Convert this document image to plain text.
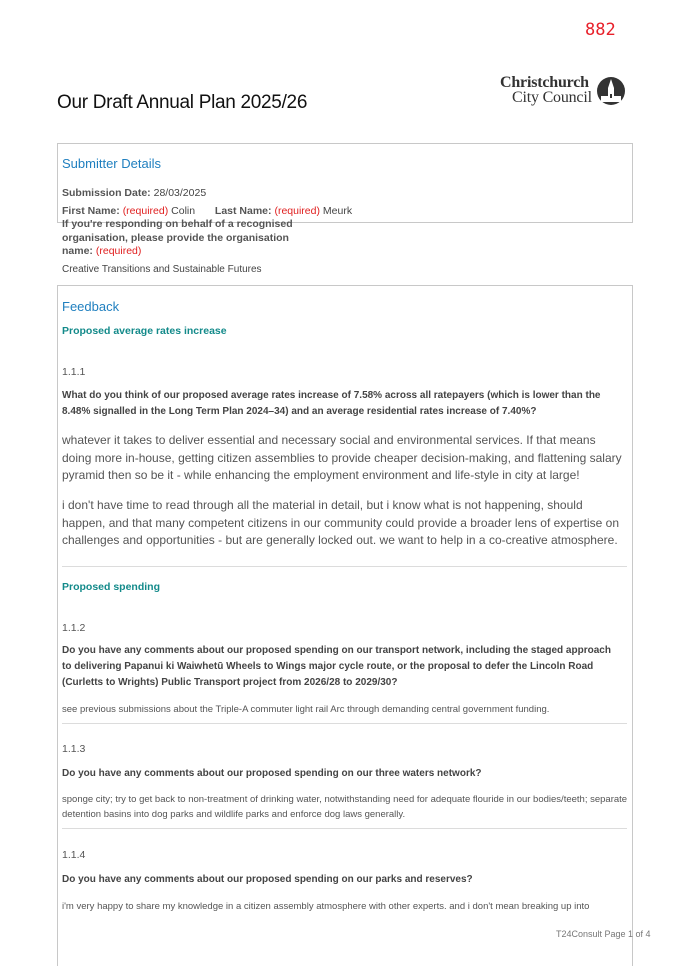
882
Our Draft Annual Plan 2025/26
Christchurch
City Council
Submitter Details
Submission Date: 28/03/2025
First Name: (required) Colin Last Name: (required) Meurk
If you're responding on behalf of a recognised organisation, please provide the organisation name: (required)
Creative Transitions and Sustainable Futures
Feedback
Proposed average rates increase
1.1.1
What do you think of our proposed average rates increase of 7.58% across all ratepayers (which is lower than the 8.48% signalled in the Long Term Plan 2024–34) and an average residential rates increase of 7.40%?
whatever it takes to deliver essential and necessary social and environmental services. If that means doing more in-house, getting citizen assemblies to provide cheaper decision-making, and flattening salary pyramid then so be it - while enhancing the employment environment and life-style in city at large!
i don't have time to read through all the material in detail, but i know what is not happening, should happen, and that many competent citizens in our community could provide a broader lens of expertise on challenges and opportunities - but are generally locked out. we want to help in a co-creative atmosphere.
Proposed spending
1.1.2
Do you have any comments about our proposed spending on our transport network, including the staged approach to delivering Papanui ki Waiwhetū Wheels to Wings major cycle route, or the proposal to defer the Lincoln Road (Curletts to Wrights) Public Transport project from 2026/28 to 2029/30?
see previous submissions about the Triple-A commuter light rail Arc through demanding central government funding.
1.1.3
Do you have any comments about our proposed spending on our three waters network?
sponge city; try to get back to non-treatment of drinking water, notwithstanding need for adequate flouride in our bodies/teeth; separate detention basins into dog parks and wildlife parks and enforce dog laws generally.
1.1.4
Do you have any comments about our proposed spending on our parks and reserves?
i'm very happy to share my knowledge in a citizen assembly atmosphere with other experts. and i don't mean breaking up into
T24Consult Page 1 of 4
